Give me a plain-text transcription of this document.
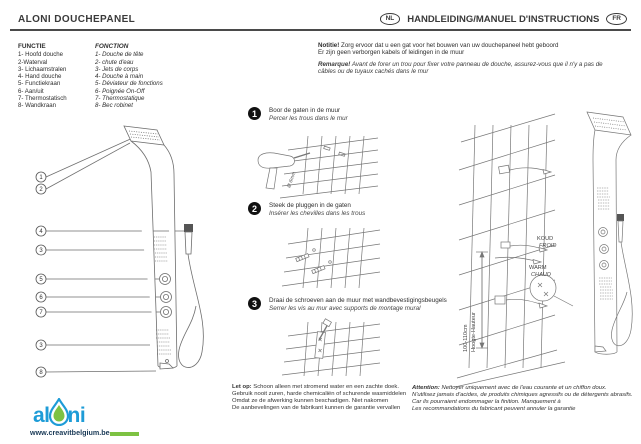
ALONI DOUCHEPANEL	NL	HANDLEIDING/MANUEL D'INSTRUCTIONS	FR
FUNCTIE
1- Hoofd douche
2-Waterval
3- Lichaamstralen
4- Hand douche
5- Functiekraan
6- Aan/uit
7- Thermostatisch
8- Wandkraan
FONCTION
1- Douche de tête
2- chute d'eau
3- Jets de corps
4- Douche à main
5- Déviateur de fonctions
6- Poignée On-Off
7- Thermostatique
8- Bec robinet
Notitie! Zorg ervoor dat u een gat voor het bouwen van uw douchepaneel hebt geboord
Er zijn geen verborgen kabels of leidingen in de muur
Remarque! Avant de forer un trou pour fixer votre panneau de douche, assurez-vous que il n'y a pas de
câbles ou de tuyaux cachés dans le mur
1
2
4
3
5
6
7
3
8
1	Boor de gaten in de muur
Percer les trous dans le mur
Ø 6mm
2	Steek de pluggen in de gaten
Insérer les chevilles dans les trous
3	Draai de schroeven aan de muur met wandbevestigingsbeugels
Serrer les vis au mur avec supports de montage mural
KOUD
FROID
WARM
CHAUD
100-110cm Hoogte-Hauteur
Let op: Schoon alleen met stromend water en een zachte doek.
Gebruik nooit zuren, harde chemicaliën of schurende wasmiddelen
Omdat ze de afwerking kunnen beschadigen. Niet nakomen
De aanbevelingen van de fabrikant kunnen de garantie vervallen
Attention: Nettoyer uniquement avec de l'eau courante et un chiffon doux.
N'utilisez jamais d'acides, de produits chimiques agressifs ou de détergents abrasifs.
Car ils pourraient endommager la finition. Manquement à
Les recommandations du fabricant peuvent annuler la garantie
al ni
www.creavitbelgium.be
